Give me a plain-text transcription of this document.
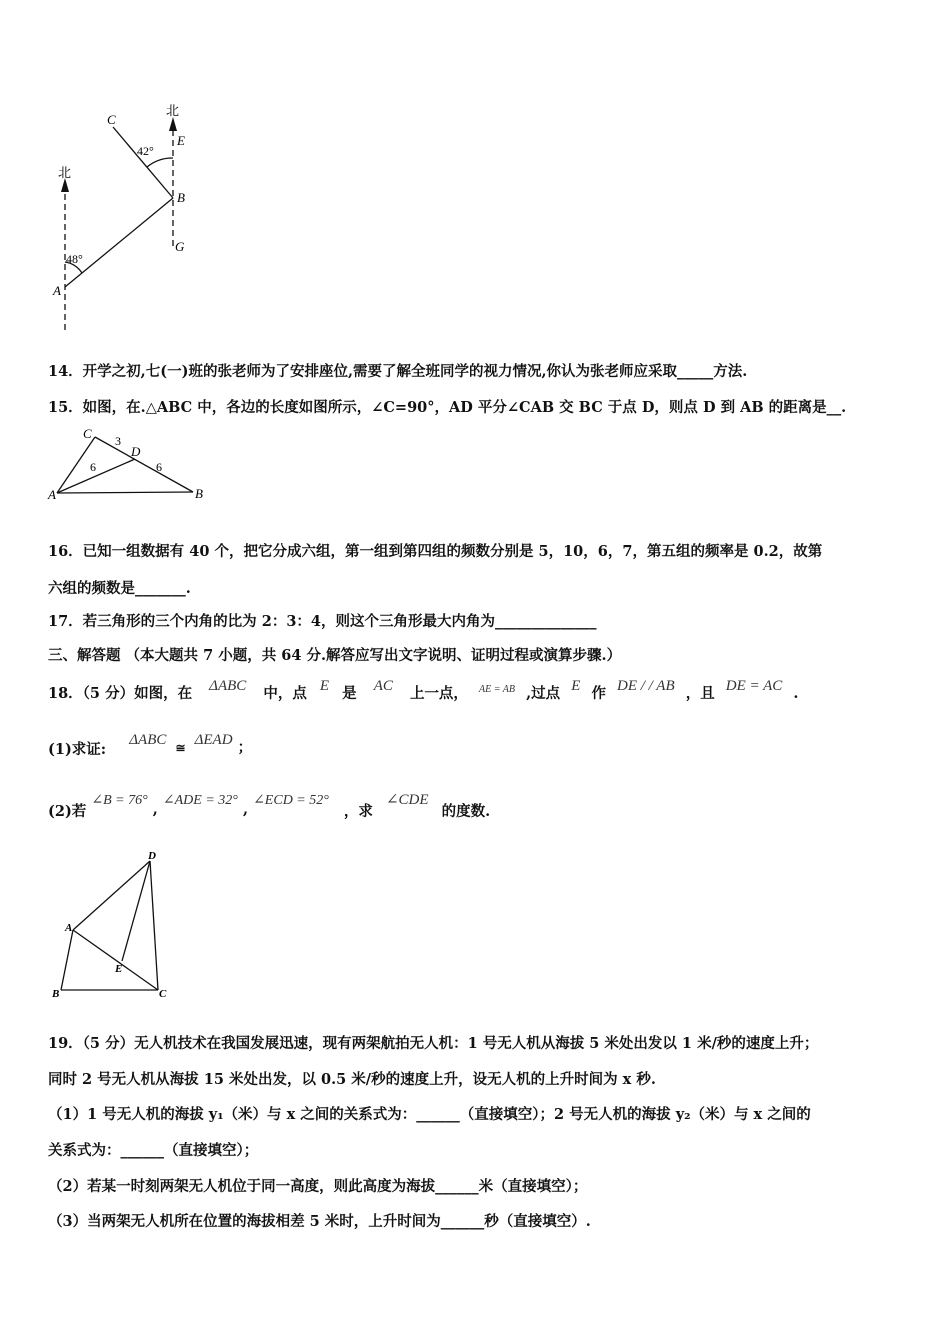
北
北
C
E
B
G
A
42°
48°
14．开学之初,七(一)班的张老师为了安排座位,需要了解全班同学的视力情况,你认为张老师应采取_____方法.
15．如图，在.△ABC 中，各边的长度如图所示，∠C=90°，AD 平分∠CAB 交 BC 于点 D，则点 D 到 AB 的距离是__.
C
D
A	B
3
6	6
16．已知一组数据有 40 个，把它分成六组，第一组到第四组的频数分别是 5，10，6，7，第五组的频率是 0.2，故第
六组的频数是_______.
17．若三角形的三个内角的比为 2：3：4，则这个三角形最大内角为______________
三、解答题 （本大题共 7 小题，共 64 分.解答应写出文字说明、证明过程或演算步骤.）
18．（5 分）如图，在 ΔABC 中，点 E 是 AC 上一点， AE = AB ,过点 E 作 DE / / AB ，且 DE = AC .
(1)求证: ΔABC $_≅$ ΔEAD ；
(2)若 ∠B = 76° , ∠ADE = 32° , ∠ECD = 52° ，求 ∠CDE 的度数.
D
A
E
B	C
19．（5 分）无人机技术在我国发展迅速，现有两架航拍无人机：1 号无人机从海拔 5 米处出发以 1 米/秒的速度上升；
同时 2 号无人机从海拔 15 米处出发，以 0.5 米/秒的速度上升，设无人机的上升时间为 x 秒.
（1）1 号无人机的海拔 y₁（米）与 x 之间的关系式为：______（直接填空）；2 号无人机的海拔 y₂（米）与 x 之间的
关系式为：______（直接填空）；
（2）若某一时刻两架无人机位于同一高度，则此高度为海拔______米（直接填空）；
（3）当两架无人机所在位置的海拔相差 5 米时，上升时间为______秒（直接填空）.
